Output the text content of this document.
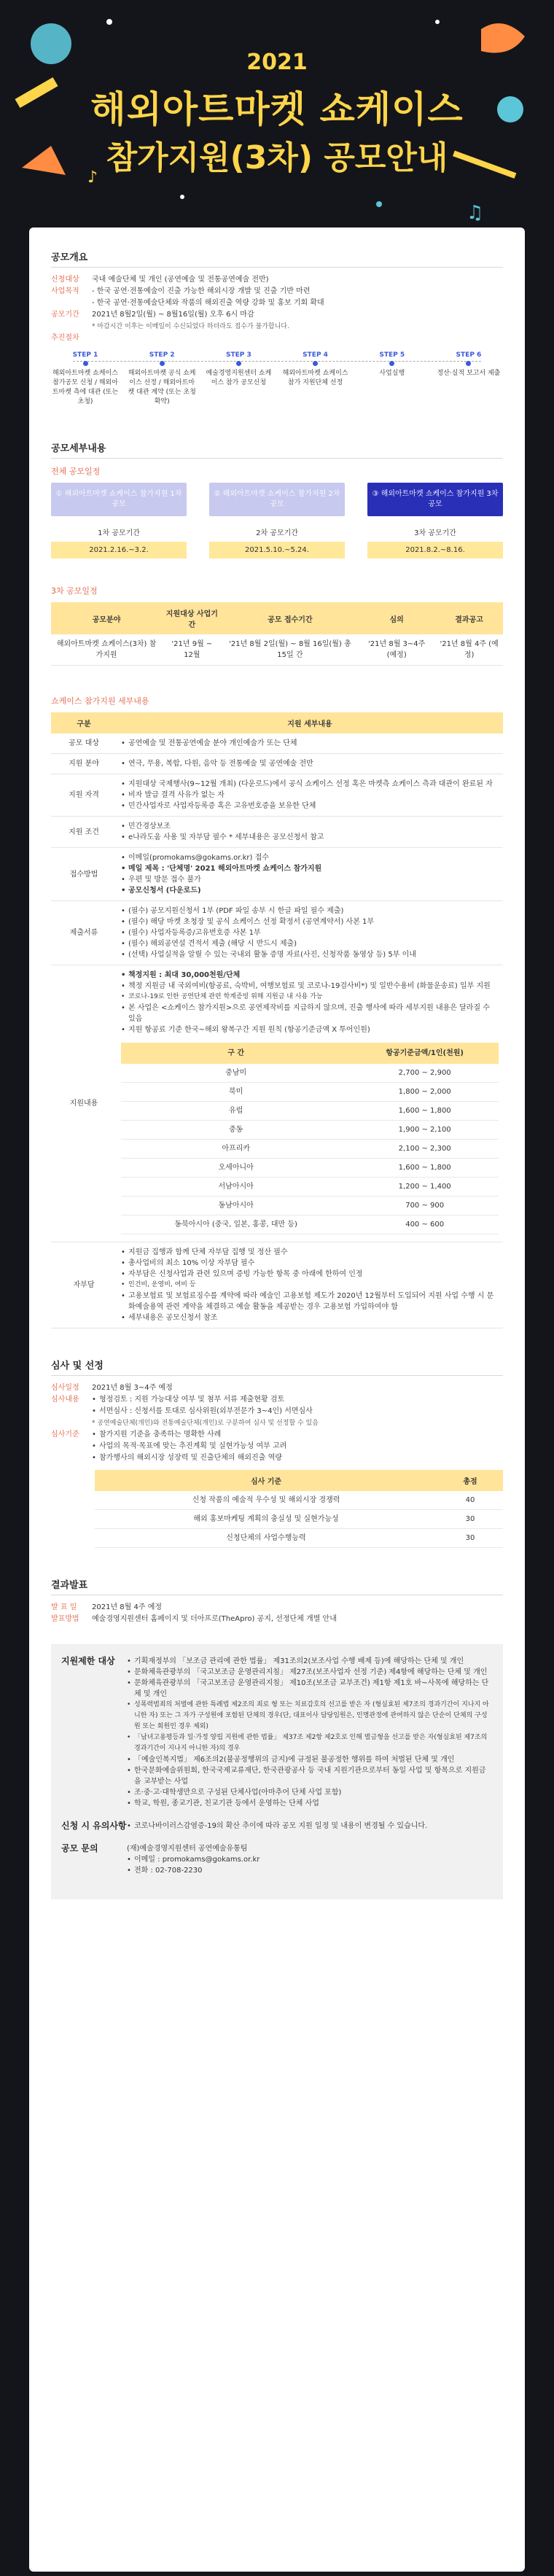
♪
♫
2021
해외아트마켓 쇼케이스
참가지원(3차) 공모안내
공모개요
신청대상	국내 예술단체 및 개인 (공연예술 및 전통공연예술 전반)
사업목적	- 한국 공연·전통예술이 진출 가능한 해외시장 개발 및 진출 기반 마련
- 한국 공연·전통예술단체와 작품의 해외진출 역량 강화 및 홍보 기회 확대
공모기간	2021년 8월2일(월) ~ 8월16일(월) 오후 6시 마감
* 마감시간 이후는 이메일이 수신되었다 하더라도 접수가 불가합니다.
추진절차
STEP 1
해외아트마켓 쇼케이스 참가공모 신청 / 해외아트마켓 측에 대관 (또는 초청)
STEP 2
해외아트마켓 공식 쇼케이스 선정 / 해외아트마켓 대관 계약 (또는 초청 확약)
STEP 3
예술경영지원센터 쇼케이스 참가 공모신청
STEP 4
해외아트마켓 쇼케이스 참가 지원단체 선정
STEP 5
사업실행
STEP 6
정산·실적 보고서 제출
공모세부내용
전체 공모일정
① 해외아트마켓 쇼케이스 참가지원 1차 공모
1차 공모기간
2021.2.16.~3.2.
② 해외아트마켓 쇼케이스 참가지원 2차 공모
2차 공모기간
2021.5.10.~5.24.
③ 해외아트마켓 쇼케이스 참가지원 3차 공모
3차 공모기간
2021.8.2.~8.16.
3차 공모일정
공모분야	지원대상 사업기간	공모 접수기간	심의	결과공고
해외아트마켓 쇼케이스(3차) 참가지원	'21년 9월 ~ 12월	'21년 8월 2일(월) ~ 8월 16일(월) 총 15일 간	'21년 8월 3~4주 (예정)	'21년 8월 4주 (예정)
쇼케이스 참가지원 세부내용
구분	지원 세부내용
공모 대상	
•공연예술 및 전통공연예술 분야 개인예술가 또는 단체

지원 분야	
•연극, 무용, 복합, 다원, 음악 등 전통예술 및 공연예술 전반

지원 자격	
• 지원대상 국제행사(9~12월 개최) (다운로드)에서 공식 쇼케이스 선정 혹은 마켓측 쇼케이스 측과 대관이 완료된 자
• 비자 발급 결격 사유가 없는 자
• 민간사업자로 사업자등록증 혹은 고유번호증을 보유한 단체

지원 조건	
• 민간경상보조
• e나라도움 사용 및 자부담 필수 * 세부내용은 공모신청서 참고

접수방법	
• 이메일(promokams@gokams.or.kr) 접수
• 메일 제목 : '단체명' 2021 해외아트마켓 쇼케이스 참가지원
• 우편 및 방문 접수 불가
• 공모신청서 (다운로드)

제출서류	
• (필수) 공모지원신청서 1부 (PDF 파일 송부 시 한글 파일 필수 제출)
• (필수) 해당 마켓 초청장 및 공식 쇼케이스 선정 확정서 (공연계약서) 사본 1부
• (필수) 사업자등록증/고유번호증 사본 1부
• (필수) 해외공연설 견적서 제출 (해당 시 반드시 제출)
• (선택) 사업실적을 알릴 수 있는 국내외 활동 증명 자료(사진, 신청작품 동영상 등) 5부 이내

지원내용	
• 책정지원 : 최대 30,000천원/단체
• 책정 지원금 내 국외여비(항공료, 숙박비, 여행보험료 및 코로나-19검사비*) 및 일반수용비 (화물운송료) 일부 지원
• 코로나-19로 인한 공연단체 관련 학계증빙 위해 지원금 내 사용 가능
• 본 사업은 <쇼케이스 참가지원>으로 공연제작비를 지급하지 않으며, 진출 행사에 따라 세부지원 내용은 달라질 수 있음
• 지원 항공료 기준 한국~해외 왕복구간 지원 원칙 (항공기준금액 X 투어인원)
구 간	항공기준금액/1인(천원)
중남미	2,700 ~ 2,900
북미	1,800 ~ 2,000
유럽	1,600 ~ 1,800
중동	1,900 ~ 2,100
아프리카	2,100 ~ 2,300
오세아니아	1,600 ~ 1,800
서남아시아	1,200 ~ 1,400
동남아시아	700 ~ 900
동북아시아 (중국, 일본, 홍콩, 대만 등)	400 ~ 600

자부담	
• 지원금 집행과 함께 단체 자부담 집행 및 정산 필수
• 총사업비의 최소 10% 이상 자부담 필수
• 자부담은 신청사업과 관련 있으며 증빙 가능한 항목 중 아래에 한하여 인정
• 인건비, 운영비, 여비 등
• 고용보험료 및 보험료징수를 계약에 따라 예술인 고용보험 제도가 2020년 12월부터 도입되어 지원 사업 수행 시 문화예술용역 관련 계약을 체결하고 예술 활동을 제공받는 경우 고용보험 가입하여야 함
• 세부내용은 공모신청서 참조
심사 및 선정
심사일정	2021년 8월 3~4주 예정
심사내용	• 형정검토 : 지원 가능대상 여부 및 첨부 서류 제출현황 검토
• 서면심사 : 신청서를 토대로 심사위원(외부전문가 3~4인) 서면심사
* 공연예술단체(개인)와 전통예술단체(개인)로 구분하여 심사 및 선정할 수 있음
심사기준	• 참가지원 기준을 충족하는 명확한 사례
• 사업의 목적·목표에 맞는 추진계획 및 실현가능성 여부 고려
• 참가행사의 해외시장 성장력 및 진출단체의 해외진출 역량
심사 기준	총점
신청 작품의 예술적 우수성 및 해외시장 경쟁력	40
해외 홍보마케팅 계획의 충실성 및 실현가능성	30
신청단체의 사업수행능력	30
결과발표
발 표 일	2021년 8월 4주 예정
발표방법	예술경영지원센터 홈페이지 및 더아프로(TheApro) 공지, 선정단체 개별 안내
지원제한 대상	• 기획재정부의 「보조금 관리에 관한 법률」 제31조의2(보조사업 수행 배제 등)에 해당하는 단체 및 개인
• 문화체육관광부의 「국고보조금 운영관리지침」 제27조(보조사업자 선정 기준) 제4항에 해당하는 단체 및 개인
• 문화체육관광부의 「국고보조금 운영관리지침」 제10조(보조금 교부조건) 제1항 제1호 바~사목에 해당하는 단체 및 개인
• 성폭력범죄의 처벌에 관한 특례법 제2조의 죄로 형 또는 치료감호의 선고를 받은 자 (형실효된 제7조의 경과기간이 지나지 아니한 자) 또는 그 자가 구성원에 포함된 단체의 경우(단, 대표이사 담당임원은, 인명관정에 관여하지 않은 단순이 단체의 구성원 또는 회원인 경우 제외)
• 「남녀고용평등과 일·가정 양립 지원에 관한 법률」 제37조 제2항 제2호로 인해 벌금형을 선고를 받은 자(형실효된 제7조의 경과기간이 지나지 아니한 자)의 경우
• 「예술인복지법」 제6조의2(불공정행위의 금지)에 규정된 불공정한 행위를 하여 처벌된 단체 및 개인
• 한국문화예술위원회, 한국국제교류재단, 한국관광공사 등 국내 지원기관으로부터 동일 사업 및 항목으로 지원금을 교부받는 사업
• 조·중·고·대학생만으로 구성된 단체사업(아마추어 단체 사업 포함)
• 학교, 학원, 종교기관, 친교기관 등에서 운영하는 단체 사업
신청 시 유의사항	• 코로나바이러스감염증-19의 확산 추이에 따라 공모 지원 일정 및 내용이 변경될 수 있습니다.
공모 문의	(재)예술경영지원센터 공연예술유통팀
• 이메일 : promokams@gokams.or.kr
• 전화 : 02-708-2230
